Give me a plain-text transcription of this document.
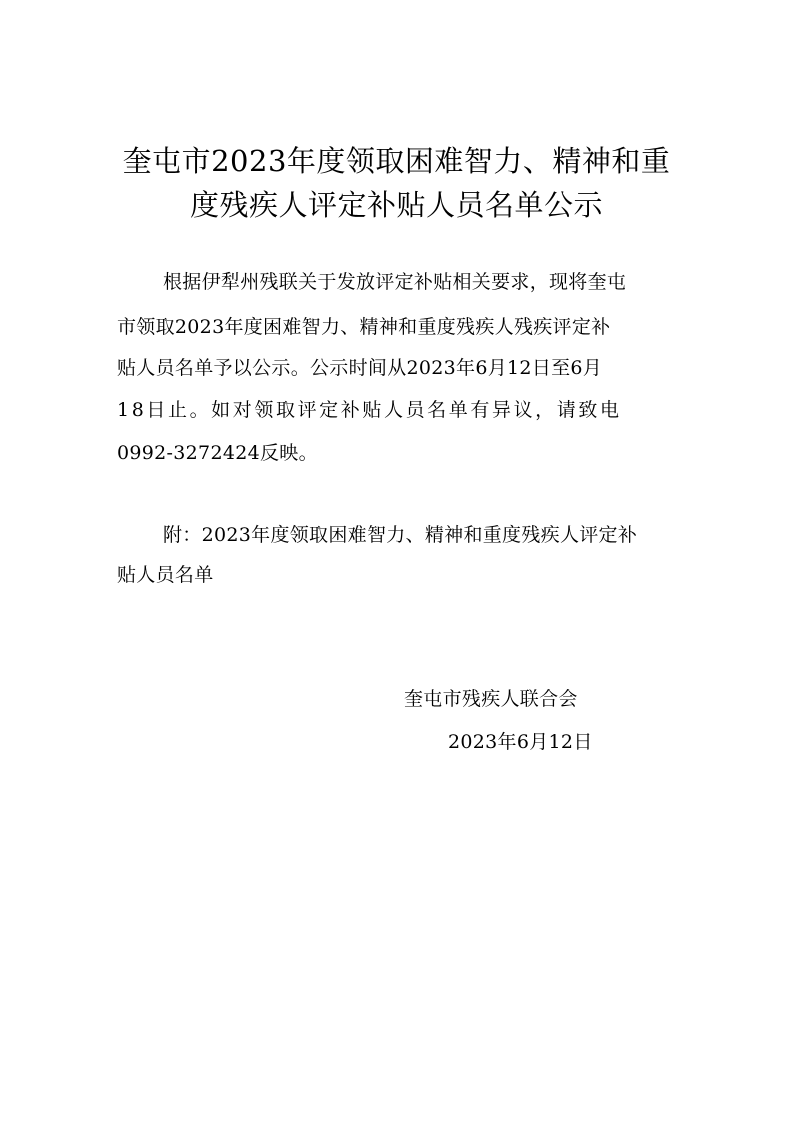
奎屯市2023年度领取困难智力、精神和重
度残疾人评定补贴人员名单公示
根据伊犁州残联关于发放评定补贴相关要求，现将奎屯
市领取2023年度困难智力、精神和重度残疾人残疾评定补
贴人员名单予以公示。公示时间从2023年6月12日至6月
18日止。如对领取评定补贴人员名单有异议，请致电
0992-3272424反映。
附：2023年度领取困难智力、精神和重度残疾人评定补
贴人员名单
奎屯市残疾人联合会
2023年6月12日
